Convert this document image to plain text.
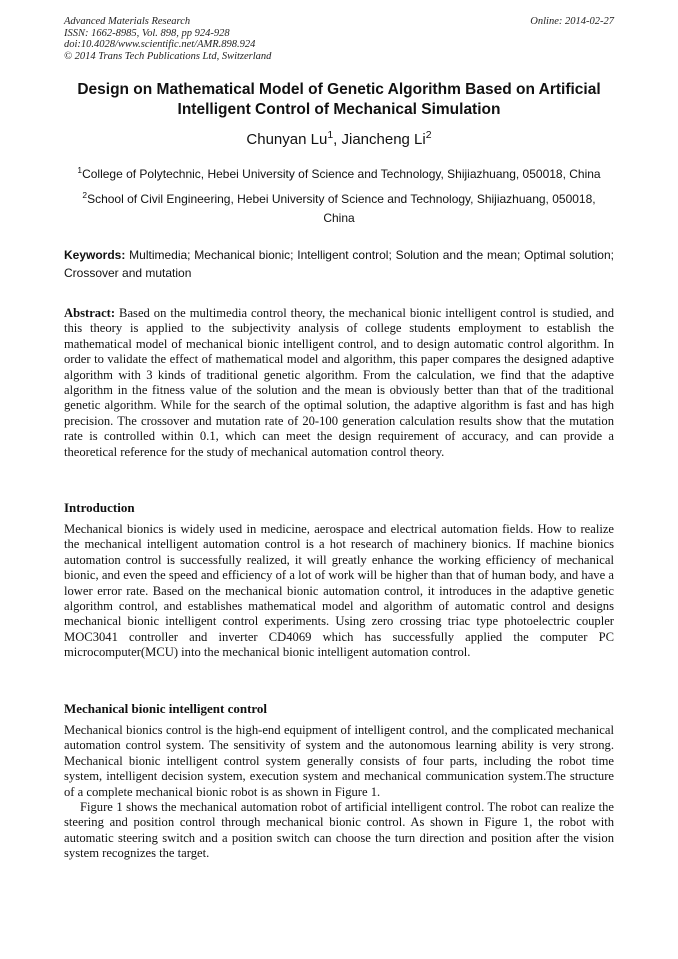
Advanced Materials Research
ISSN: 1662-8985, Vol. 898, pp 924-928
doi:10.4028/www.scientific.net/AMR.898.924
© 2014 Trans Tech Publications Ltd, Switzerland
Online: 2014-02-27
Design on Mathematical Model of Genetic Algorithm Based on Artificial Intelligent Control of Mechanical Simulation
Chunyan Lu$^1$, Jiancheng Li$^2$
$^1$College of Polytechnic, Hebei University of Science and Technology, Shijiazhuang, 050018, China
$^2$School of Civil Engineering, Hebei University of Science and Technology, Shijiazhuang, 050018, China
Keywords: Multimedia; Mechanical bionic; Intelligent control; Solution and the mean; Optimal solution; Crossover and mutation
Abstract: Based on the multimedia control theory, the mechanical bionic intelligent control is studied, and this theory is applied to the subjectivity analysis of college students employment to establish the mathematical model of mechanical bionic intelligent control, and to design automatic control algorithm. In order to validate the effect of mathematical model and algorithm, this paper compares the designed adaptive algorithm with 3 kinds of traditional genetic algorithm. From the calculation, we find that the adaptive algorithm in the fitness value of the solution and the mean is obviously better than that of the traditional genetic algorithm. While for the search of the optimal solution, the adaptive algorithm is fast and has high precision. The crossover and mutation rate of 20-100 generation calculation results show that the mutation rate is controlled within 0.1, which can meet the design requirement of accuracy, and can provide a theoretical reference for the study of mechanical automation control theory.
Introduction

Mechanical bionics is widely used in medicine, aerospace and electrical automation fields. How to realize the mechanical intelligent automation control is a hot research of machinery bionics. If machine bionics automation control is successfully realized, it will greatly enhance the working efficiency of mechanical bionic, and even the speed and efficiency of a lot of work will be higher than that of human body, and have a lower error rate. Based on the mechanical bionic automation control, it introduces in the adaptive genetic algorithm control, and establishes mathematical model and algorithm of automatic control and designs mechanical bionic intelligent control experiments. Using zero crossing triac type photoelectric coupler MOC3041 controller and inverter CD4069 which has successfully applied the computer PC microcomputer(MCU) into the mechanical bionic intelligent automation control.

Mechanical bionic intelligent control

Mechanical bionics control is the high-end equipment of intelligent control, and the complicated mechanical automation control system. The sensitivity of system and the autonomous learning ability is very strong. Mechanical bionic intelligent control system generally consists of four parts, including the robot time system, intelligent decision system, execution system and mechanical communication system.The structure of a complete mechanical bionic robot is as shown in Figure 1.

Figure 1 shows the mechanical automation robot of artificial intelligent control. The robot can realize the steering and position control through mechanical bionic control. As shown in Figure 1, the robot with automatic steering switch and a position switch can choose the turn direction and position after the vision system recognizes the target.
